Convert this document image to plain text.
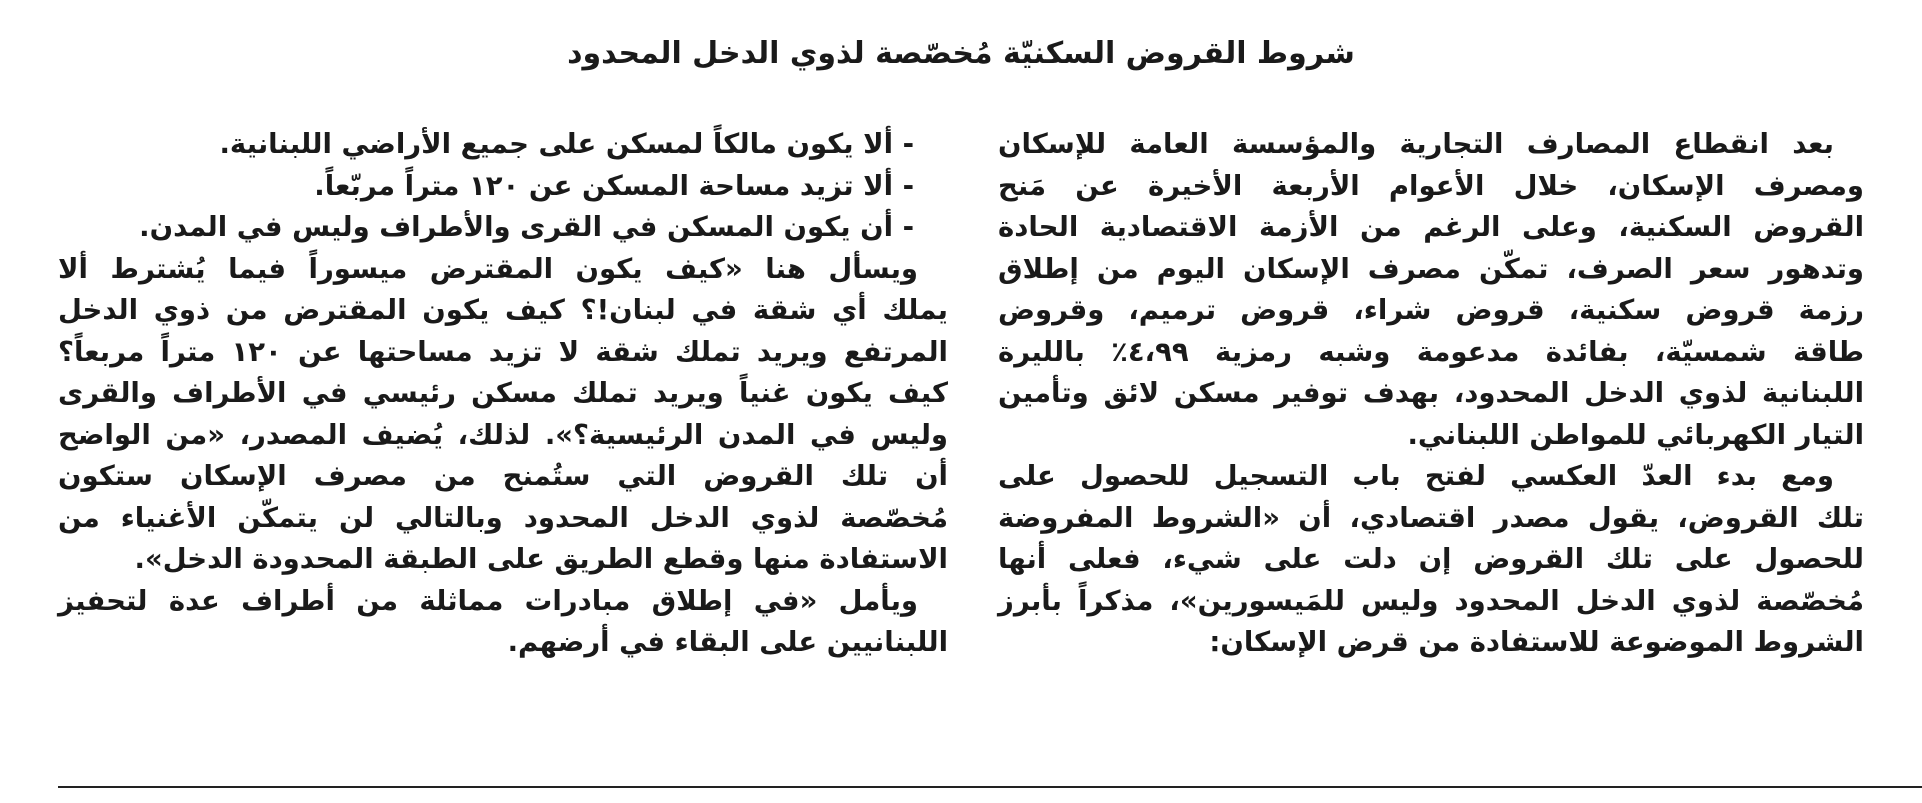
شروط القروض السكنيّة مُخصّصة لذوي الدخل المحدود
بعد انقطاع المصارف التجارية والمؤسسة العامة للإسكان
ومصرف الإسكان، خلال الأعوام الأربعة الأخيرة عن مَنح
القروض السكنية، وعلى الرغم من الأزمة الاقتصادية الحادة
وتدهور سعر الصرف، تمكّن مصرف الإسكان اليوم من إطلاق
رزمة قروض سكنية، قروض شراء، قروض ترميم، وقروض
طاقة شمسيّة، بفائدة مدعومة وشبه رمزية ٤،٩٩٪ بالليرة
اللبنانية لذوي الدخل المحدود، بهدف توفير مسكن لائق وتأمين
التيار الكهربائي للمواطن اللبناني.
ومع بدء العدّ العكسي لفتح باب التسجيل للحصول على
تلك القروض، يقول مصدر اقتصادي، أن «الشروط المفروضة
للحصول على تلك القروض إن دلت على شيء، فعلى أنها
مُخصّصة لذوي الدخل المحدود وليس للمَيسورين»، مذكراً بأبرز
الشروط الموضوعة للاستفادة من قرض الإسكان:
- ألا يكون مالكاً لمسكن على جميع الأراضي اللبنانية.
- ألا تزيد مساحة المسكن عن ١٢٠ متراً مربّعاً.
- أن يكون المسكن في القرى والأطراف وليس في المدن.
ويسأل هنا «كيف يكون المقترض ميسوراً فيما يُشترط ألا
يملك أي شقة في لبنان!؟ كيف يكون المقترض من ذوي الدخل
المرتفع ويريد تملك شقة لا تزيد مساحتها عن ١٢٠ متراً مربعاً؟
كيف يكون غنياً ويريد تملك مسكن رئيسي في الأطراف والقرى
وليس في المدن الرئيسية؟». لذلك، يُضيف المصدر، «من الواضح
أن تلك القروض التي ستُمنح من مصرف الإسكان ستكون
مُخصّصة لذوي الدخل المحدود وبالتالي لن يتمكّن الأغنياء من
الاستفادة منها وقطع الطريق على الطبقة المحدودة الدخل».
ويأمل «في إطلاق مبادرات مماثلة من أطراف عدة لتحفيز
اللبنانيين على البقاء في أرضهم.
